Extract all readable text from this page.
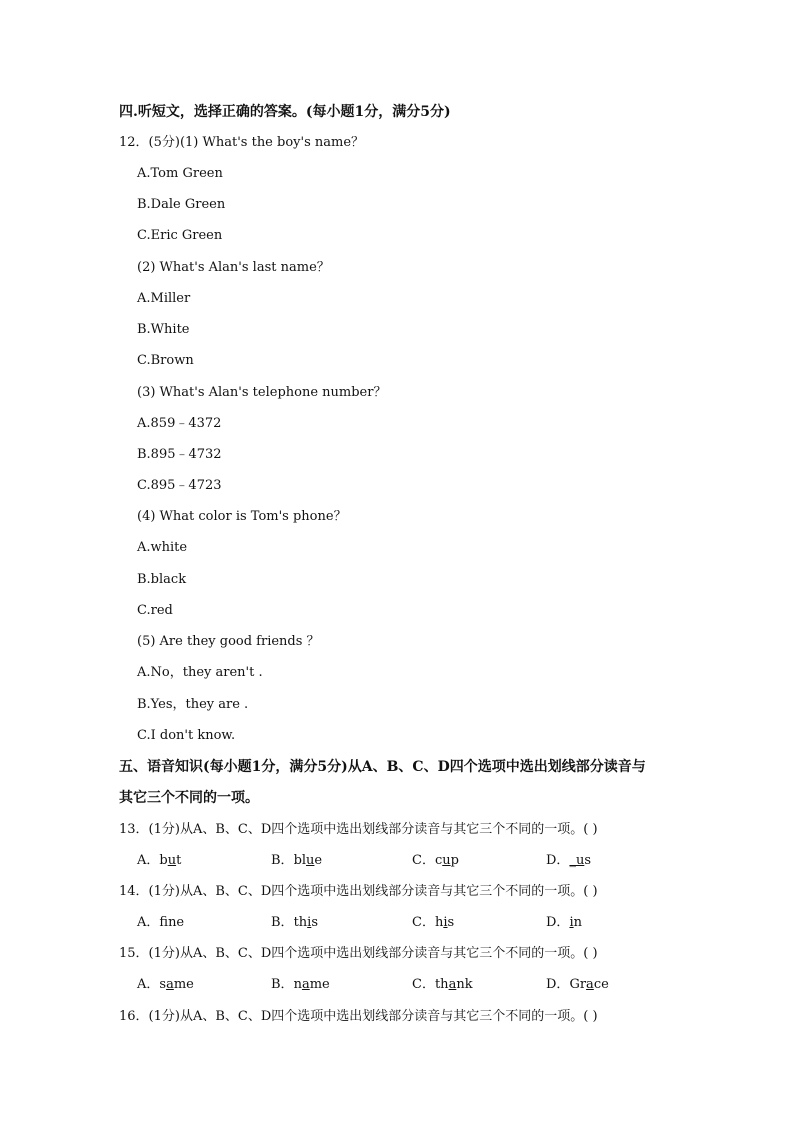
四.听短文，选择正确的答案。(每小题1分，满分5分)
12．(5分)(1) What's the boy's name？
A.Tom Green
B.Dale Green
C.Eric Green
(2) What's Alan's last name？
A.Miller
B.White
C.Brown
(3) What's Alan's telephone number？
A.859﹣4372
B.895﹣4732
C.895﹣4723
(4) What color is Tom's phone？
A.white
B.black
C.red
(5) Are they good friends ？
A.No，they aren't .
B.Yes，they are .
C.I don't know.
五、语音知识(每小题1分，满分5分)从A、B、C、D四个选项中选出划线部分读音与
其它三个不同的一项。
13．(1分)从A、B、C、D四个选项中选出划线部分读音与其它三个不同的一项。( )
A．but	B．blue	C．cup	D．_us
14．(1分)从A、B、C、D四个选项中选出划线部分读音与其它三个不同的一项。( )
A．fne	B．this	C．his	D．in
15．(1分)从A、B、C、D四个选项中选出划线部分读音与其它三个不同的一项。( )
A．same	B．name	C．thank	D．Grace
16．(1分)从A、B、C、D四个选项中选出划线部分读音与其它三个不同的一项。( )
